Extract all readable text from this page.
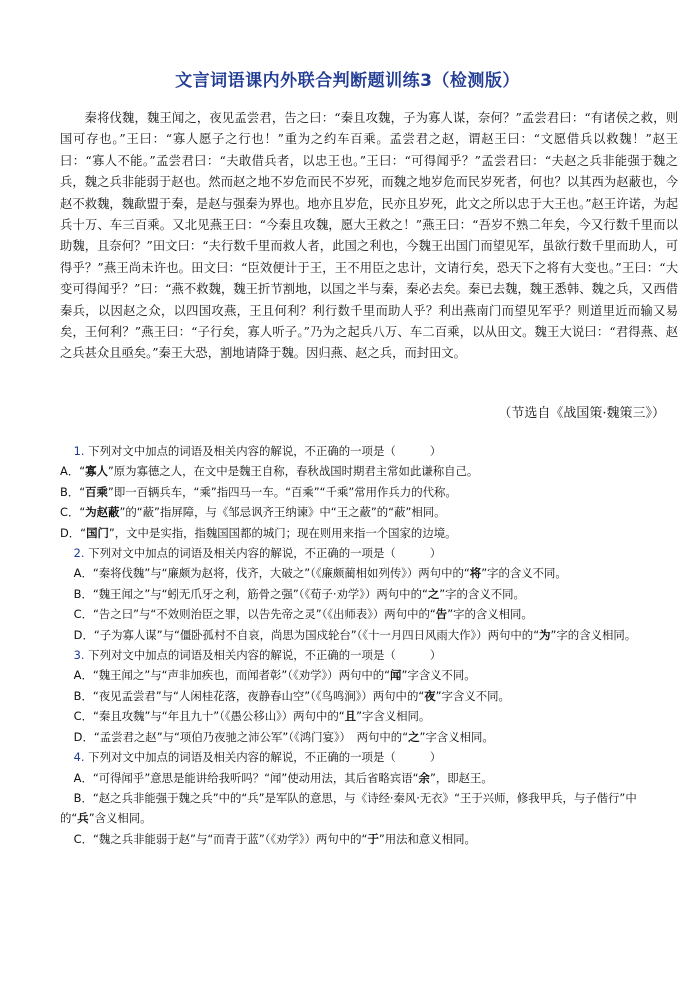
文言词语课内外联合判断题训练3（检测版）
秦将伐魏，魏王闻之，夜见孟尝君，告之曰：“秦且攻魏，子为寡人谋，奈何？”孟尝君曰：“有诸侯之救，则国可存也。”王曰：“寡人愿子之行也！”重为之约车百乘。孟尝君之赵，谓赵王曰：“文愿借兵以救魏！”赵王曰：“寡人不能。”孟尝君曰：“夫敢借兵者，以忠王也。”王曰：“可得闻乎？”孟尝君曰：“夫赵之兵非能强于魏之兵，魏之兵非能弱于赵也。然而赵之地不岁危而民不岁死，而魏之地岁危而民岁死者，何也？以其西为赵蔽也，今赵不救魏，魏歃盟于秦，是赵与强秦为界也。地亦且岁危，民亦且岁死，此文之所以忠于大王也。”赵王许诺，为起兵十万、车三百乘。又北见燕王曰：“今秦且攻魏，愿大王救之！”燕王曰：“吾岁不熟二年矣，今又行数千里而以助魏，且奈何？”田文曰：“夫行数千里而救人者，此国之利也，今魏王出国门而望见军，虽欲行数千里而助人，可得乎？”燕王尚未许也。田文曰：“臣效便计于王，王不用臣之忠计，文请行矣，恐天下之将有大变也。”王曰：“大变可得闻乎？”曰：“燕不救魏，魏王折节割地，以国之半与秦，秦必去矣。秦已去魏，魏王悉韩、魏之兵，又西借秦兵，以因赵之众，以四国攻燕，王且何利？利行数千里而助人乎？利出燕南门而望见军乎？则道里近而输又易矣，王何利？”燕王曰：“子行矣，寡人听子。”乃为之起兵八万、车二百乘，以从田文。魏王大说曰：“君得燕、赵之兵甚众且亟矣。”秦王大恐，割地请降于魏。因归燕、赵之兵，而封田文。
（节选自《战国策·魏策三》）
1. 下列对文中加点的词语及相关内容的解说，不正确的一项是（　　　）
A．“寡人”原为寡德之人，在文中是魏王自称，春秋战国时期君主常如此谦称自己。
B．“百乘”即一百辆兵车，“乘”指四马一车。“百乘”“千乘”常用作兵力的代称。
C．“为赵蔽”的“蔽”指屏障，与《邹忌讽齐王纳谏》中“王之蔽”的“蔽”相同。
D．“国门”，文中是实指，指魏国国都的城门；现在则用来指一个国家的边境。
2. 下列对文中加点的词语及相关内容的解说，不正确的一项是（　　　）
A．“秦将伐魏”与“廉颇为赵将，伐齐，大破之”（《廉颇蔺相如列传》）两句中的“将”字的含义不同。
B．“魏王闻之”与“蚓无爪牙之利，筋骨之强”（《荀子·劝学》）两句中的“之”字的含义不同。
C．“告之曰”与“不效则治臣之罪，以告先帝之灵”（《出师表》）两句中的“告”字的含义相同。
D．“子为寡人谋”与“僵卧孤村不自哀，尚思为国戍轮台”（《十一月四日风雨大作》）两句中的“为”字的含义相同。
3. 下列对文中加点的词语及相关内容的解说，不正确的一项是（　　　）
A．“魏王闻之”与“声非加疾也，而闻者彰”（《劝学》）两句中的“闻”字含义不同。
B．“夜见孟尝君”与“人闲桂花落，夜静春山空”（《鸟鸣涧》）两句中的“夜”字含义不同。
C．“秦且攻魏”与“年且九十”（《愚公移山》）两句中的“且”字含义相同。
D．“孟尝君之赵”与“项伯乃夜驰之沛公军”（《鸿门宴》）　两句中的“之”字含义相同。
4. 下列对文中加点的词语及相关内容的解说，不正确的一项是（　　　）
A．“可得闻乎”意思是能讲给我听吗？“闻”使动用法，其后省略宾语“余”，即赵王。
B．“赵之兵非能强于魏之兵”中的“兵”是军队的意思，与《诗经·秦风·无衣》“王于兴师，修我甲兵，与子偕行”中的“兵”含义相同。
C．“魏之兵非能弱于赵”与“而青于蓝”（《劝学》）两句中的“于”用法和意义相同。
